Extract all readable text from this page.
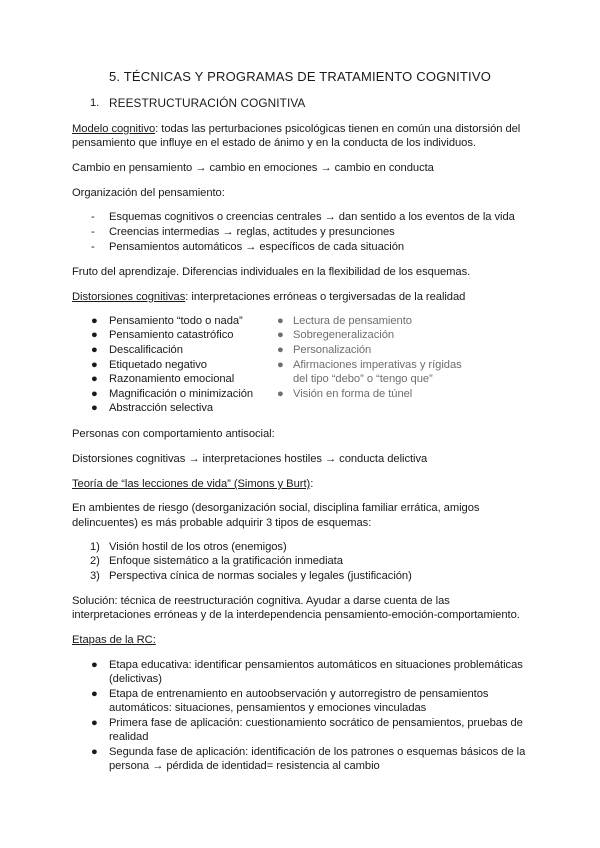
5. TÉCNICAS Y PROGRAMAS DE TRATAMIENTO COGNITIVO
1. REESTRUCTURACIÓN COGNITIVA
Modelo cognitivo: todas las perturbaciones psicológicas tienen en común una distorsión del
pensamiento que influye en el estado de ánimo y en la conducta de los individuos.
Cambio en pensamiento → cambio en emociones → cambio en conducta
Organización del pensamiento:
- Esquemas cognitivos o creencias centrales → dan sentido a los eventos de la vida
- Creencias intermedias → reglas, actitudes y presunciones
- Pensamientos automáticos → específicos de cada situación
Fruto del aprendizaje. Diferencias individuales en la flexibilidad de los esquemas.
Distorsiones cognitivas: interpretaciones erróneas o tergiversadas de la realidad
● Pensamiento “todo o nada”
● Pensamiento catastrófico
● Descalificación
● Etiquetado negativo
● Razonamiento emocional
● Magnificación o minimización
● Abstracción selectiva
● Lectura de pensamiento
● Sobregeneralización
● Personalización
● Afirmaciones imperativas y rígidas
del tipo “debo” o “tengo que”
● Visión en forma de túnel
Personas con comportamiento antisocial:
Distorsiones cognitivas → interpretaciones hostiles → conducta delictiva
Teoría de “las lecciones de vida” (Simons y Burt):
En ambientes de riesgo (desorganización social, disciplina familiar errática, amigos
delincuentes) es más probable adquirir 3 tipos de esquemas:
1) Visión hostil de los otros (enemigos)
2) Enfoque sistemático a la gratificación inmediata
3) Perspectiva cínica de normas sociales y legales (justificación)
Solución: técnica de reestructuración cognitiva. Ayudar a darse cuenta de las
interpretaciones erróneas y de la interdependencia pensamiento-emoción-comportamiento.
Etapas de la RC:
● Etapa educativa: identificar pensamientos automáticos en situaciones problemáticas
(delictivas)
● Etapa de entrenamiento en autoobservación y autorregistro de pensamientos
automáticos: situaciones, pensamientos y emociones vinculadas
● Primera fase de aplicación: cuestionamiento socrático de pensamientos, pruebas de
realidad
● Segunda fase de aplicación: identificación de los patrones o esquemas básicos de la
persona → pérdida de identidad= resistencia al cambio
